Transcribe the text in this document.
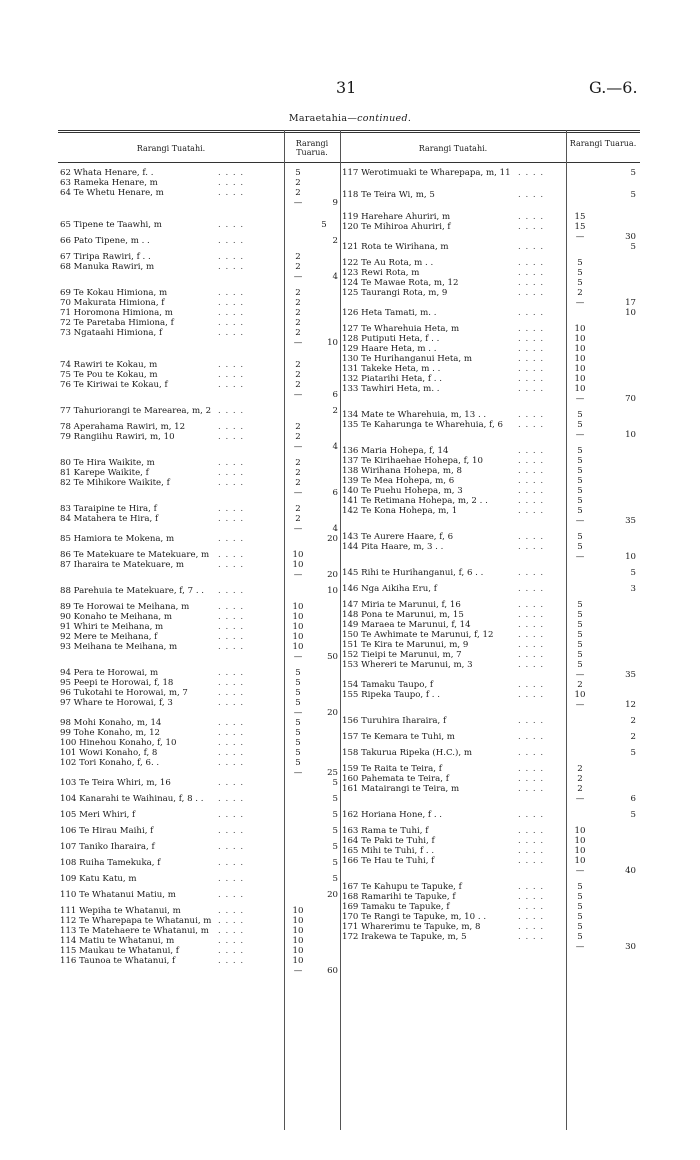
31	G.—6.
Maraetahia—continued.
Rarangi Tuatahi.
Rarangi Tuarua.	Rarangi Tuatahi.
Rarangi Tuarua.
62 Whata Henare, f. .	. . . .	5
63 Rameka Henare, m	. . . .	2
64 Te Whetu Henare, m	. . . .	2
—	9
65 Tipene te Taawhi, m	. . . .	5
66 Pato Tipene, m . .	. . . .	2
67 Tiripa Rawiri, f . .	. . . .	2
68 Manuka Rawiri, m	. . . .	2
—	4
69 Te Kokau Himiona, m	. . . .	2
70 Makurata Himiona, f	. . . .	2
71 Horomona Himiona, m	. . . .	2
72 Te Paretaba Himiona, f	. . . .	2
73 Ngataahi Himiona, f	. . . .	2
—	10
74 Rawiri te Kokau, m	. . . .	2
75 Te Pou te Kokau, m	. . . .	2
76 Te Kiriwai te Kokau, f	. . . .	2
—	6
77 Tahuriorangi te Marearea, m, 2 . . . .	2
78 Aperahama Rawiri, m, 12	. . . .	2
79 Rangiihu Rawiri, m, 10	. . . .	2
—	4
80 Te Hira Waikite, m	. . . .	2
81 Karepe Waikite, f	. . . .	2
82 Te Mihikore Waikite, f	. . . .	2
—	6
83 Taraipine te Hira, f	. . . .	2
84 Matahera te Hira, f	. . . .	2
—	4
85 Hamiora te Mokena, m	. . . .	20
86 Te Matekuare te Matekuare, m . . . .	10
87 Iharaira te Matekuare, m	. . . .	10
—	20
88 Parehuia te Matekuare, f, 7 . . . . . .	10
89 Te Horowai te Meihana, m	. . . .	10
90 Konaho te Meihana, m	. . . .	10
91 Whiri te Meihana, m	. . . .	10
92 Mere te Meihana, f	. . . .	10
93 Meihana te Meihana, m	. . . .	10
—	50
94 Pera te Horowai, m	. . . .	5
95 Peepi te Horowai, f, 18	. . . .	5
96 Tukotahi te Horowai, m, 7	. . . .	5
97 Whare te Horowai, f, 3	. . . .	5
—	20
98 Mohi Konaho, m, 14	. . . .	5
99 Tohe Konaho, m, 12	. . . .	5
100 Hinehou Konaho, f, 10	. . . .	5
101 Wowi Konaho, f, 8	. . . .	5
102 Tori Konaho, f, 6. .	. . . .	5
—	25
103 Te Teira Whiri, m, 16	. . . .	5
104 Kanarahi te Waihinau, f, 8 . . . . . .	5
105 Meri Whiri, f	. . . .	5
106 Te Hirau Maihi, f	. . . .	5
107 Taniko Iharaira, f	. . . .	5
108 Ruiha Tamekuka, f	. . . .	5
109 Katu Katu, m	. . . .	5
110 Te Whatanui Matiu, m	. . . .	20
111 Wepiha te Whatanui, m	. . . .	10
112 Te Wharepapa te Whatanui, m . . . .	10
113 Te Matehaere te Whatanui, m . . . .	10
114 Matiu te Whatanui, m	. . . .	10
115 Maukau te Whatanui, f	. . . .	10
116 Taunoa te Whatanui, f	. . . .	10
—	60
117 Werotimuaki te Wharepapa, m, 11 . . . .	5
118 Te Teira Wi, m, 5	. . . .	5
119 Harehare Ahuriri, m	. . . .	15
120 Te Mihiroa Ahuriri, f	. . . .	15
—	30
121 Rota te Wirihana, m	. . . .	5
122 Te Au Rota, m . .	. . . .	5
123 Rewi Rota, m	. . . .	5
124 Te Mawae Rota, m, 12	. . . .	5
125 Taurangi Rota, m, 9	. . . .	2
—	17
126 Heta Tamati, m. .	. . . .	10
127 Te Wharehuia Heta, m	. . . .	10
128 Putiputi Heta, f . .	. . . .	10
129 Haare Heta, m . .	. . . .	10
130 Te Hurihanganui Heta, m	. . . .	10
131 Takeke Heta, m . .	. . . .	10
132 Piatarihi Heta, f . .	. . . .	10
133 Tawhiri Heta, m. .	. . . .	10
—	70
134 Mate te Wharehuia, m, 13 . .	. . . .	5
135 Te Kaharunga te Wharehuia, f, 6 . . . .	5
—	10
136 Maria Hohepa, f, 14	. . . .	5
137 Te Kirihaehae Hohepa, f, 10	. . . .	5
138 Wirihana Hohepa, m, 8	. . . .	5
139 Te Mea Hohepa, m, 6	. . . .	5
140 Te Puehu Hohepa, m, 3	. . . .	5
141 Te Retimana Hohepa, m, 2 . .	. . . .	5
142 Te Kona Hohepa, m, 1	. . . .	5
—	35
143 Te Aurere Haare, f, 6	. . . .	5
144 Pita Haare, m, 3 . .	. . . .	5
—	10
145 Rihi te Hurihanganui, f, 6 . .	. . . .	5
146 Nga Aikiha Eru, f	. . . .	3
147 Miria te Marunui, f, 16	. . . .	5
148 Pona te Marunui, m, 15	. . . .	5
149 Maraea te Marunui, f, 14	. . . .	5
150 Te Awhimate te Marunui, f, 12	. . . .	5
151 Te Kira te Marunui, m, 9	. . . .	5
152 Tieipi te Marunui, m, 7	. . . .	5
153 Whereri te Marunui, m, 3	. . . .	5
—	35
154 Tamaku Taupo, f	. . . .	2
155 Ripeka Taupo, f . .	. . . .	10
—	12
156 Turuhira Iharaira, f	. . . .	2
157 Te Kemara te Tuhi, m	. . . .	2
158 Takurua Ripeka (H.C.), m	. . . .	5
159 Te Raita te Teira, f	. . . .	2
160 Pahemata te Teira, f	. . . .	2
161 Matairangi te Teira, m	. . . .	2
—	6
162 Horiana Hone, f . .	. . . .	5
163 Rama te Tuhi, f	. . . .	10
164 Te Paki te Tuhi, f	. . . .	10
165 Mihi te Tuhi, f . .	. . . .	10
166 Te Hau te Tuhi, f	. . . .	10
—	40
167 Te Kahupu te Tapuke, f	. . . .	5
168 Ramarihi te Tapuke, f	. . . .	5
169 Tamaku te Tapuke, f	. . . .	5
170 Te Rangi te Tapuke, m, 10 . .	. . . .	5
171 Wharerimu te Tapuke, m, 8	. . . .	5
172 Irakewa te Tapuke, m, 5	. . . .	5
—	30
